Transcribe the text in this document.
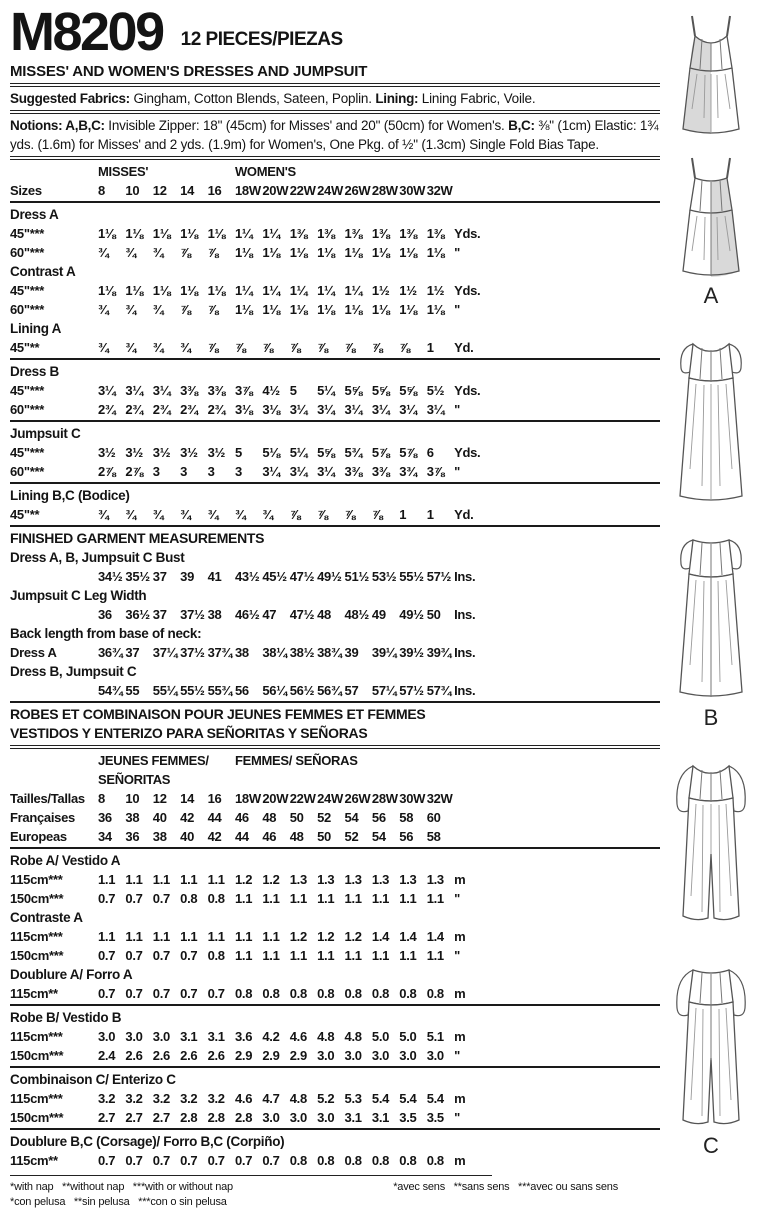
M8209 12 PIECES/PIEZAS
MISSES' AND WOMEN'S DRESSES AND JUMPSUIT
Suggested Fabrics: Gingham, Cotton Blends, Sateen, Poplin. Lining: Lining Fabric, Voile.
Notions: A,B,C: Invisible Zipper: 18" (45cm) for Misses' and 20" (50cm) for Women's. B,C: ⅜" (1cm) Elastic: 1¾ yds. (1.6m) for Misses' and 2 yds. (1.9m) for Women's, One Pkg. of ½" (1.3cm) Single Fold Bias Tape.
MISSES'	WOMEN'S
Sizes	8	10	12	14	16	18W 20W 22W 24W 26W 28W 30W 32W
Dress A
45"***	1⅛ 1⅛ 1⅛ 1⅛ 1⅛ 1¼ 1¼ 1⅜ 1⅜ 1⅜ 1⅜ 1⅜ 1⅜ Yds.
60"***	¾	¾	¾	⅞	⅞	1⅛ 1⅛ 1⅛ 1⅛ 1⅛ 1⅛ 1⅛ 1⅛ "
Contrast A
45"***	1⅛ 1⅛ 1⅛ 1⅛ 1⅛ 1¼ 1¼ 1¼ 1¼ 1¼ 1½ 1½ 1½ Yds.
60"***	¾	¾	¾	⅞	⅞	1⅛ 1⅛ 1⅛ 1⅛ 1⅛ 1⅛ 1⅛ 1⅛ "
Lining A
45"**	¾	¾	¾	¾	⅞	⅞	⅞	⅞	⅞	⅞	⅞	⅞	1	Yd.
Dress B
45"***	3¼ 3¼ 3¼ 3⅜ 3⅜ 3⅞ 4½ 5	5¼ 5⅝ 5⅝ 5⅝ 5½ Yds.
60"***	2¾ 2¾ 2¾ 2¾ 2¾ 3⅛ 3⅛ 3¼ 3¼ 3¼ 3¼ 3¼ 3¼ "
Jumpsuit C
45"***	3½ 3½ 3½ 3½ 3½ 5	5⅛ 5¼ 5⅝ 5¾ 5⅞ 5⅞ 6	Yds.
60"***	2⅞ 2⅞ 3	3	3	3	3¼ 3¼ 3¼ 3⅜ 3⅜ 3¾ 3⅞ "
Lining B,C (Bodice)
45"**	¾	¾	¾	¾	¾	¾	¾	⅞	⅞	⅞	⅞	1	1	Yd.
FINISHED GARMENT MEASUREMENTS
Dress A, B, Jumpsuit C Bust
34½ 35½ 37	39	41	43½ 45½ 47½ 49½ 51½ 53½ 55½ 57½ Ins.
Jumpsuit C Leg Width
36	36½ 37	37½ 38	46½ 47	47½ 48	48½ 49	49½ 50	Ins.
Back length from base of neck:
Dress A	36¾ 37	37¼ 37½ 37¾ 38	38¼ 38½ 38¾ 39	39¼ 39½ 39¾ Ins.
Dress B, Jumpsuit C
54¾ 55	55¼ 55½ 55¾ 56	56¼ 56½ 56¾ 57	57¼ 57½ 57¾ Ins.
ROBES ET COMBINAISON POUR JEUNES FEMMES ET FEMMES
VESTIDOS Y ENTERIZO PARA SEÑORITAS Y SEÑORAS
JEUNES FEMMES/	FEMMES/ SEÑORAS
SEÑORITAS
Tailles/Tallas	8	10	12	14	16	18W 20W 22W 24W 26W 28W 30W 32W
Françaises	36	38	40	42	44	46	48	50	52	54	56	58	60
Europeas	34	36	38	40	42	44	46	48	50	52	54	56	58
Robe A/ Vestido A
115cm***	1.1 1.1 1.1 1.1 1.1 1.2 1.2 1.3 1.3 1.3 1.3 1.3 1.3 m
150cm***	0.7 0.7 0.7 0.8 0.8 1.1 1.1 1.1 1.1 1.1 1.1 1.1 1.1 "
Contraste A
115cm***	1.1 1.1 1.1 1.1 1.1 1.1 1.1 1.2 1.2 1.2 1.4 1.4 1.4 m
150cm***	0.7 0.7 0.7 0.7 0.8 1.1 1.1 1.1 1.1 1.1 1.1 1.1 1.1 "
Doublure A/ Forro A
115cm**	0.7 0.7 0.7 0.7 0.7 0.8 0.8 0.8 0.8 0.8 0.8 0.8 0.8 m
Robe B/ Vestido B
115cm***	3.0 3.0 3.0 3.1 3.1 3.6 4.2 4.6 4.8 4.8 5.0 5.0 5.1 m
150cm***	2.4 2.6 2.6 2.6 2.6 2.9 2.9 2.9 3.0 3.0 3.0 3.0 3.0 "
Combinaison C/ Enterizo C
115cm***	3.2 3.2 3.2 3.2 3.2 4.6 4.7 4.8 5.2 5.3 5.4 5.4 5.4 m
150cm***	2.7 2.7 2.7 2.8 2.8 2.8 3.0 3.0 3.0 3.1 3.1 3.5 3.5 "
Doublure B,C (Corsage)/ Forro B,C (Corpiño)
115cm**	0.7 0.7 0.7 0.7 0.7 0.7 0.7 0.8 0.8 0.8 0.8 0.8 0.8 m
*with nap   **without nap   ***with or without nap	*avec sens   **sans sens   ***avec ou sans sens
*con pelusa   **sin pelusa   ***con o sin pelusa
A
B
C
